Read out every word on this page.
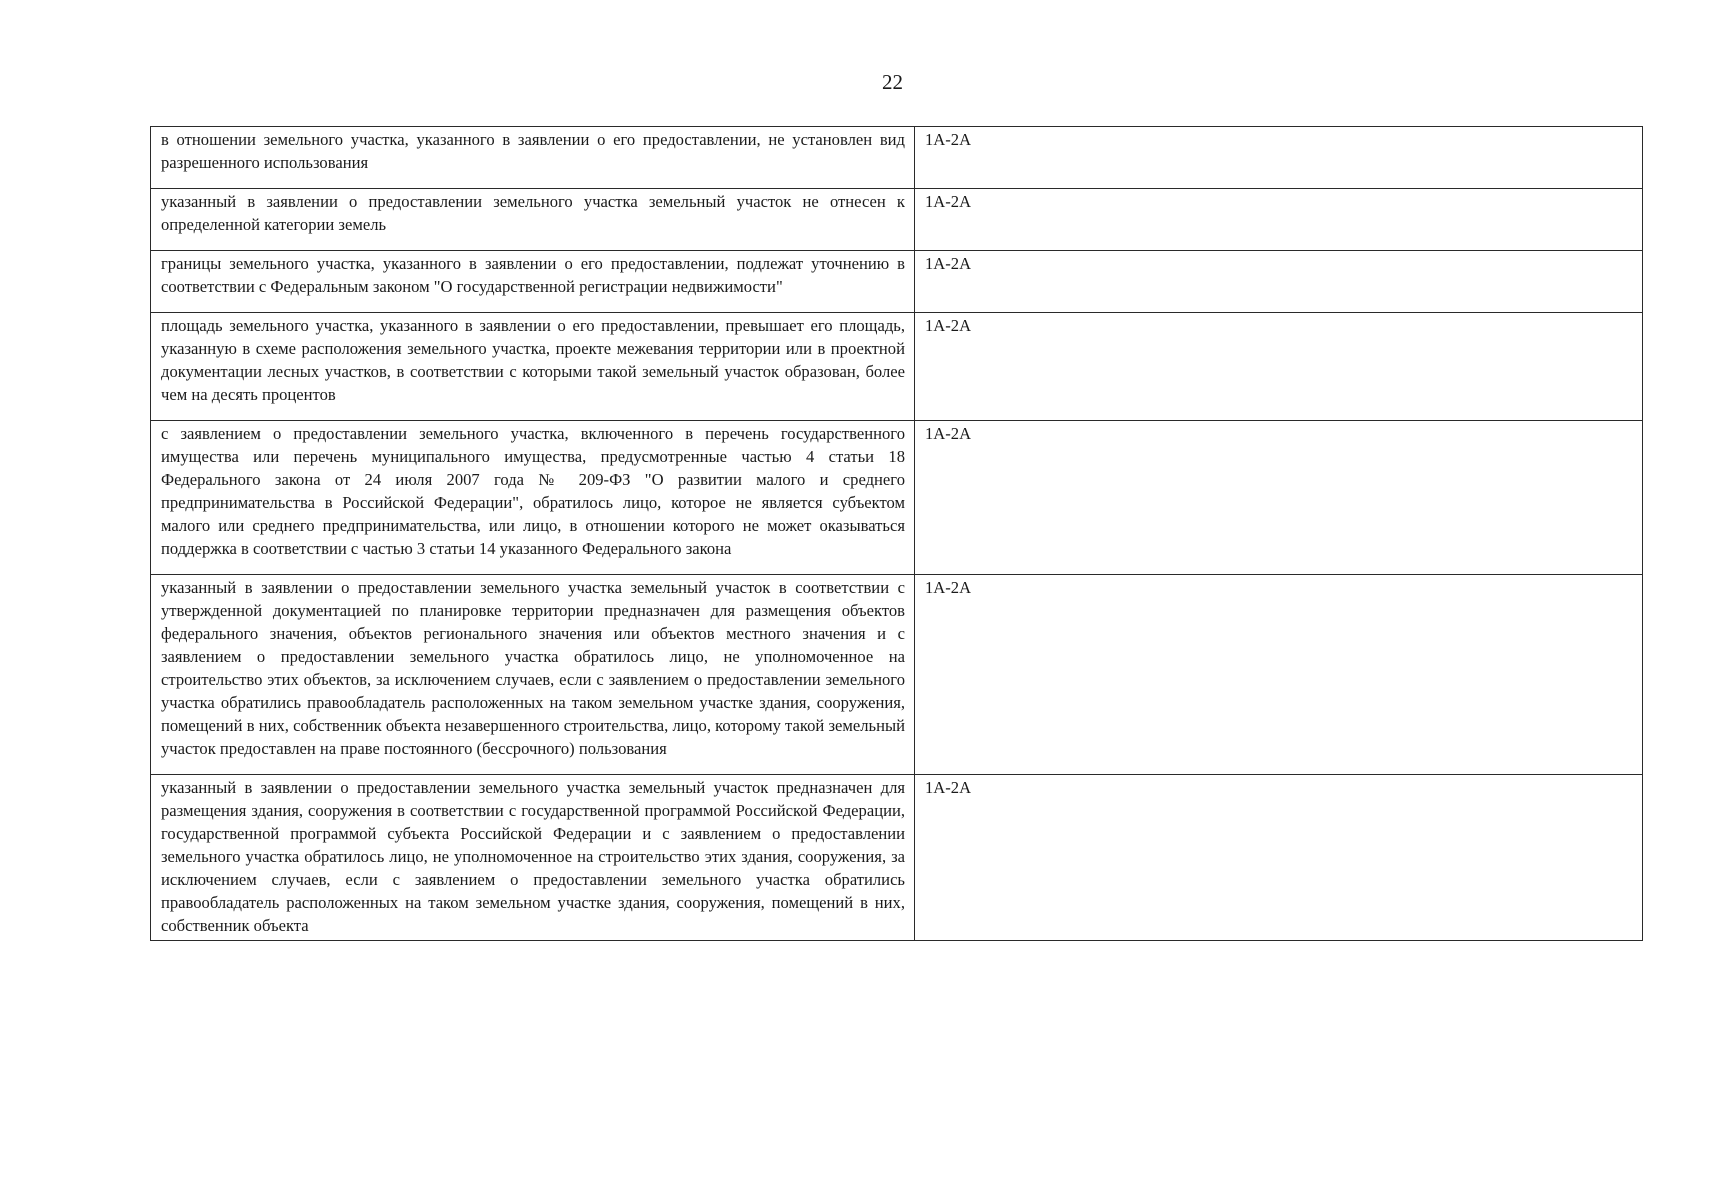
22
в отношении земельного участка, указанного в заявлении о его предоставлении, не установлен вид разрешенного использования	1А-2А
указанный в заявлении о предоставлении земельного участка земельный участок не отнесен к определенной категории земель	1А-2А
границы земельного участка, указанного в заявлении о его предоставлении, подлежат уточнению в соответствии с Федеральным законом "О государственной регистрации недвижимости"	1А-2А
площадь земельного участка, указанного в заявлении о его предоставлении, превышает его площадь, указанную в схеме расположения земельного участка, проекте межевания территории или в проектной документации лесных участков, в соответствии с которыми такой земельный участок образован, более чем на десять процентов	1А-2А
с заявлением о предоставлении земельного участка, включенного в перечень государственного имущества или перечень муниципального имущества, предусмотренные частью 4 статьи 18 Федерального закона от 24 июля 2007 года № 209-ФЗ "О развитии малого и среднего предпринимательства в Российской Федерации", обратилось лицо, которое не является субъектом малого или среднего предпринимательства, или лицо, в отношении которого не может оказываться поддержка в соответствии с частью 3 статьи 14 указанного Федерального закона	1А-2А
указанный в заявлении о предоставлении земельного участка земельный участок в соответствии с утвержденной документацией по планировке территории предназначен для размещения объектов федерального значения, объектов регионального значения или объектов местного значения и с заявлением о предоставлении земельного участка обратилось лицо, не уполномоченное на строительство этих объектов, за исключением случаев, если с заявлением о предоставлении земельного участка обратились правообладатель расположенных на таком земельном участке здания, сооружения, помещений в них, собственник объекта незавершенного строительства, лицо, которому такой земельный участок предоставлен на праве постоянного (бессрочного) пользования	1А-2А
указанный в заявлении о предоставлении земельного участка земельный участок предназначен для размещения здания, сооружения в соответствии с государственной программой Российской Федерации, государственной программой субъекта Российской Федерации и с заявлением о предоставлении земельного участка обратилось лицо, не уполномоченное на строительство этих здания, сооружения, за исключением случаев, если с заявлением о предоставлении земельного участка обратились правообладатель расположенных на таком земельном участке здания, сооружения, помещений в них, собственник объекта	1А-2А
